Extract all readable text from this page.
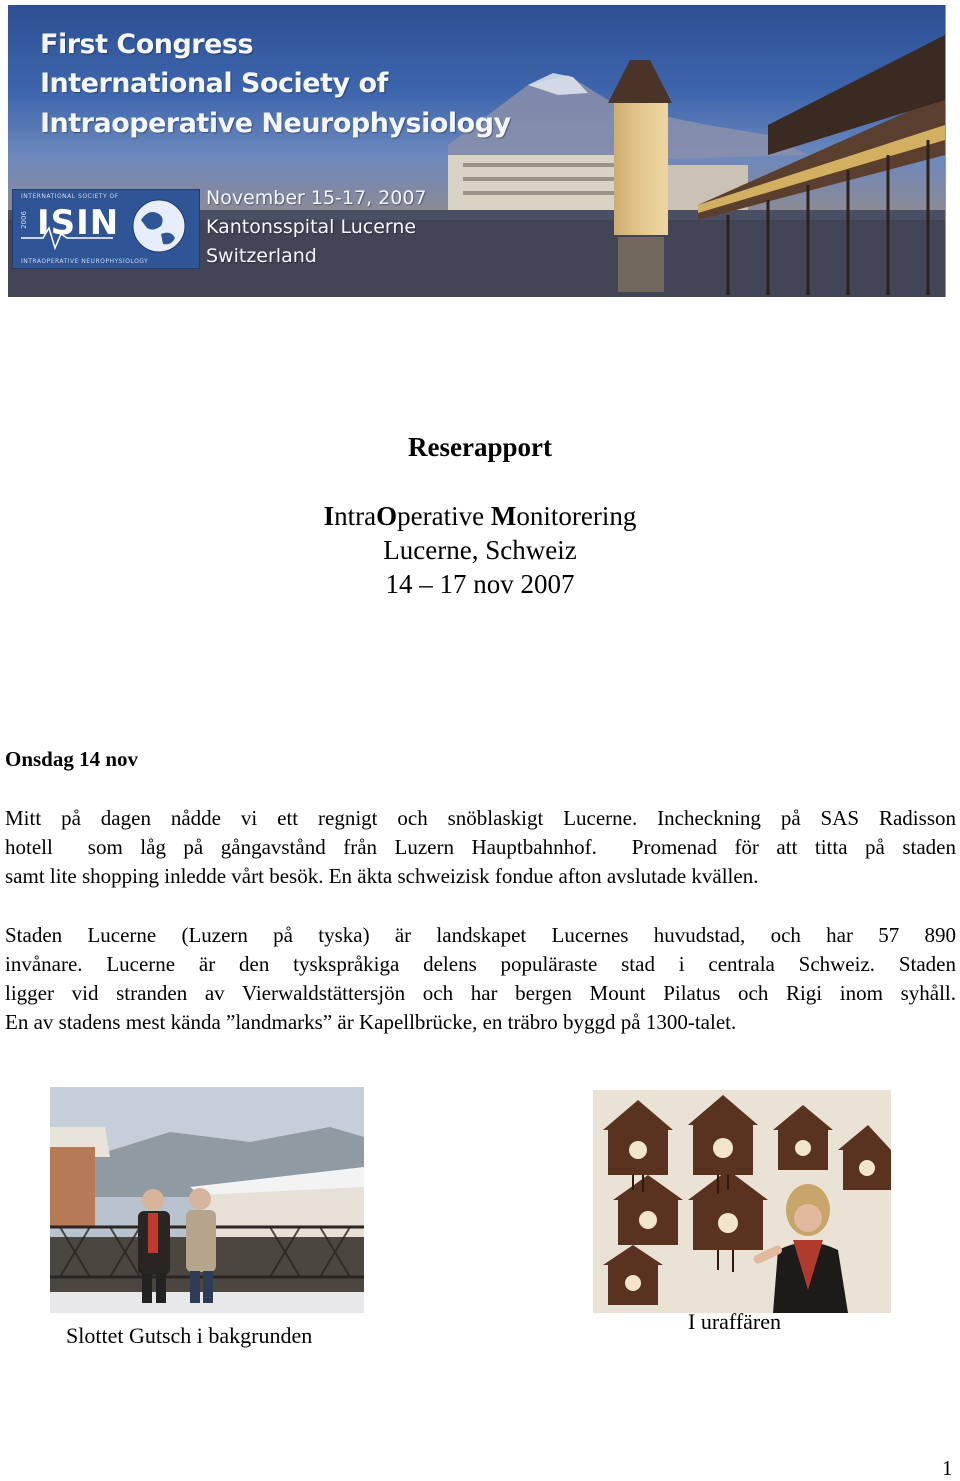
First Congress
International Society of
Intraoperative Neurophysiology
INTERNATIONAL SOCIETY OF
2006 ISIN
INTRAOPERATIVE NEUROPHYSIOLOGY
November 15-17, 2007
Kantonsspital Lucerne
Switzerland
Reserapport
IntraOperative Monitorering
Lucerne, Schweiz
14 – 17 nov 2007
Onsdag 14 nov
Mitt på dagen nådde vi ett regnigt och snöblaskigt Lucerne. Incheckning på SAS Radisson
hotell  som låg på gångavstånd från Luzern Hauptbahnhof.  Promenad för att titta på staden
samt lite shopping inledde vårt besök. En äkta schweizisk fondue afton avslutade kvällen.
Staden Lucerne (Luzern på tyska) är landskapet Lucernes huvudstad, och har 57 890
invånare. Lucerne är den tyskspråkiga delens populäraste stad i centrala Schweiz. Staden
ligger vid stranden av Vierwaldstättersjön och har bergen Mount Pilatus och Rigi inom syhåll.
En av stadens mest kända ”landmarks” är Kapellbrücke, en träbro byggd på 1300-talet.
Slottet Gutsch i bakgrunden
I uraffären
1
